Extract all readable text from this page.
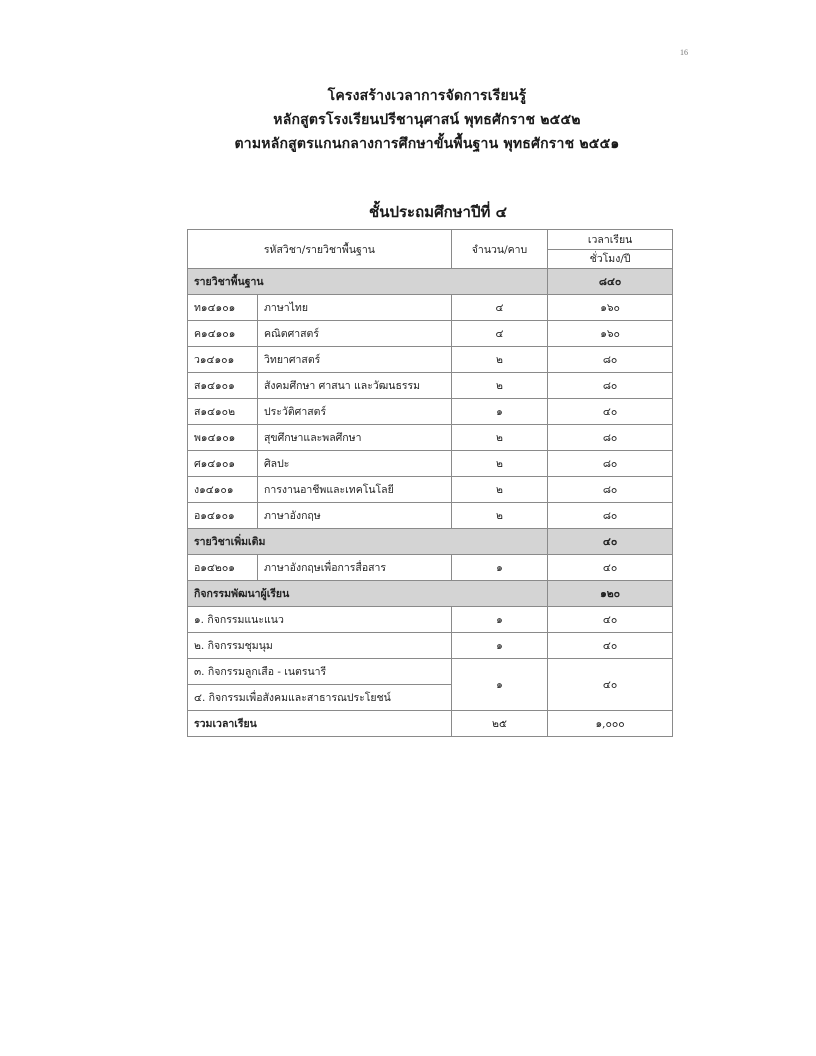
16
โครงสร้างเวลาการจัดการเรียนรู้
หลักสูตรโรงเรียนปรีชานุศาสน์ พุทธศักราช ๒๕๕๒
ตามหลักสูตรแกนกลางการศึกษาขั้นพื้นฐาน พุทธศักราช ๒๕๕๑
ชั้นประถมศึกษาปีที่ ๔
รหัสวิชา/รายวิชาพื้นฐาน		จำนวน/คาบ	เวลาเรียน
			ชั่วโมง/ปี
รายวิชาพื้นฐาน			๘๔๐
ท๑๔๑๐๑	ภาษาไทย	๔	๑๖๐
ค๑๔๑๐๑	คณิตศาสตร์	๔	๑๖๐
ว๑๔๑๐๑	วิทยาศาสตร์	๒	๘๐
ส๑๔๑๐๑	สังคมศึกษา ศาสนา และวัฒนธรรม	๒	๘๐
ส๑๔๑๐๒	ประวัติศาสตร์	๑	๔๐
พ๑๔๑๐๑	สุขศึกษาและพลศึกษา	๒	๘๐
ศ๑๔๑๐๑	ศิลปะ	๒	๘๐
ง๑๔๑๐๑	การงานอาชีพและเทคโนโลยี	๒	๘๐
อ๑๔๑๐๑	ภาษาอังกฤษ	๒	๘๐
รายวิชาเพิ่มเติม			๔๐
อ๑๔๒๐๑	ภาษาอังกฤษเพื่อการสื่อสาร	๑	๔๐
กิจกรรมพัฒนาผู้เรียน			๑๒๐
๑. กิจกรรมแนะแนว		๑	๔๐
๒. กิจกรรมชุมนุม		๑	๔๐
๓. กิจกรรมลูกเสือ - เนตรนารี		๑	๔๐
๔. กิจกรรมเพื่อสังคมและสาธารณประโยชน์			
รวมเวลาเรียน		๒๕	๑,๐๐๐
